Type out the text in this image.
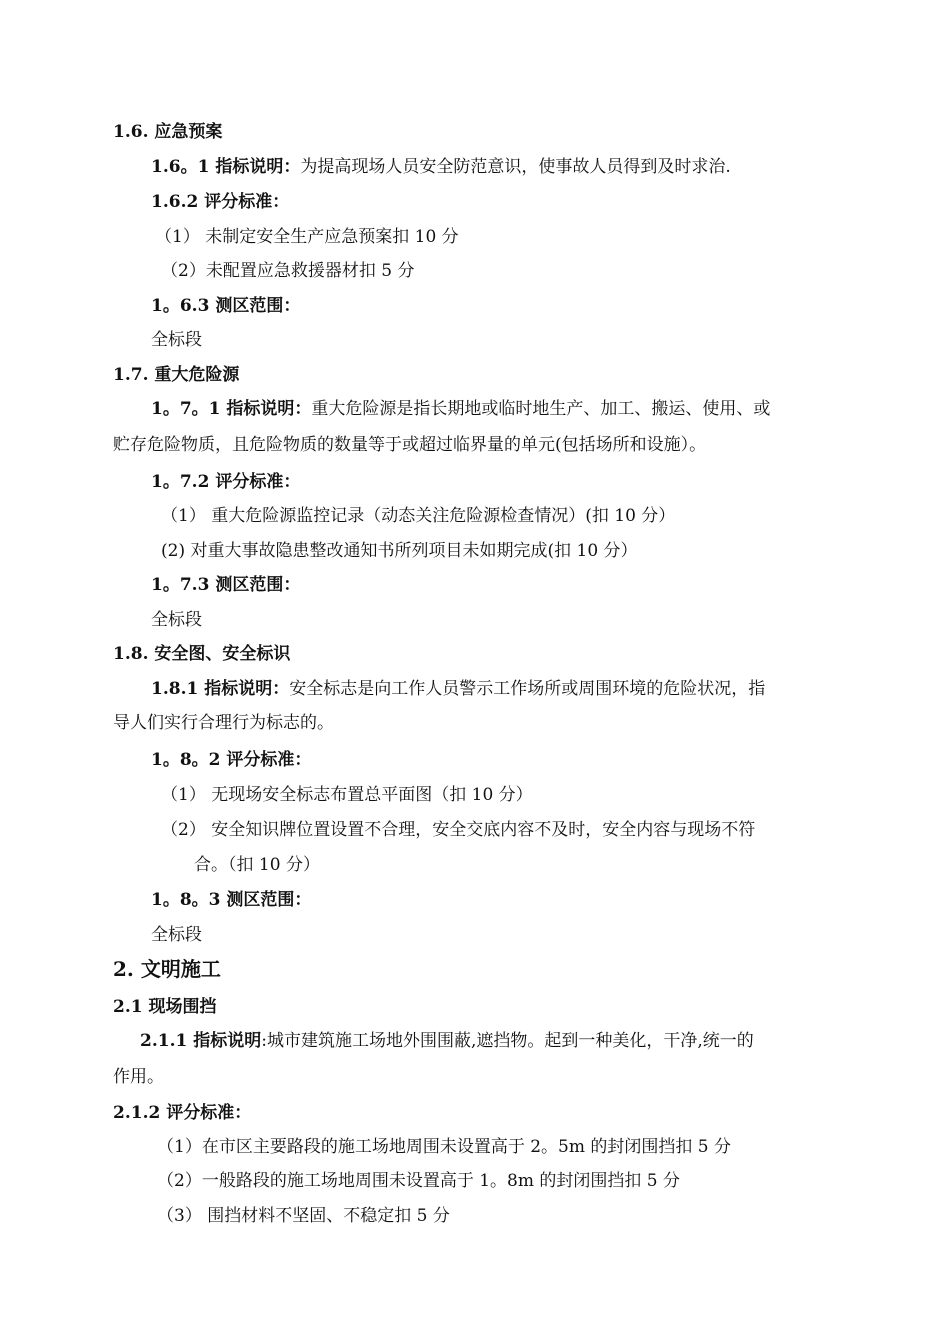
1.6. 应急预案
1.6。1 指标说明：为提高现场人员安全防范意识，使事故人员得到及时求治.
1.6.2 评分标准：
（1） 未制定安全生产应急预案扣 10 分
（2）未配置应急救援器材扣 5 分
1。6.3 测区范围：
全标段
1.7. 重大危险源
1。7。1 指标说明：重大危险源是指长期地或临时地生产、加工、搬运、使用、或
贮存危险物质，且危险物质的数量等于或超过临界量的单元(包括场所和设施）。
1。7.2 评分标准：
（1） 重大危险源监控记录（动态关注危险源检查情况）(扣 10 分）
(2) 对重大事故隐患整改通知书所列项目未如期完成(扣 10 分）
1。7.3 测区范围：
全标段
1.8. 安全图、安全标识
1.8.1 指标说明：安全标志是向工作人员警示工作场所或周围环境的危险状况，指
导人们实行合理行为标志的。
1。8。2 评分标准：
（1） 无现场安全标志布置总平面图（扣 10 分）
（2） 安全知识牌位置设置不合理，安全交底内容不及时，安全内容与现场不符
合。（扣 10 分）
1。8。3 测区范围：
全标段
2. 文明施工
2.1 现场围挡
2.1.1 指标说明:城市建筑施工场地外围围蔽,遮挡物。起到一种美化，干净,统一的
作用。
2.1.2 评分标准：
（1）在市区主要路段的施工场地周围未设置高于 2。5m 的封闭围挡扣 5 分
（2）一般路段的施工场地周围未设置高于 1。8m 的封闭围挡扣 5 分
（3） 围挡材料不坚固、不稳定扣 5 分
